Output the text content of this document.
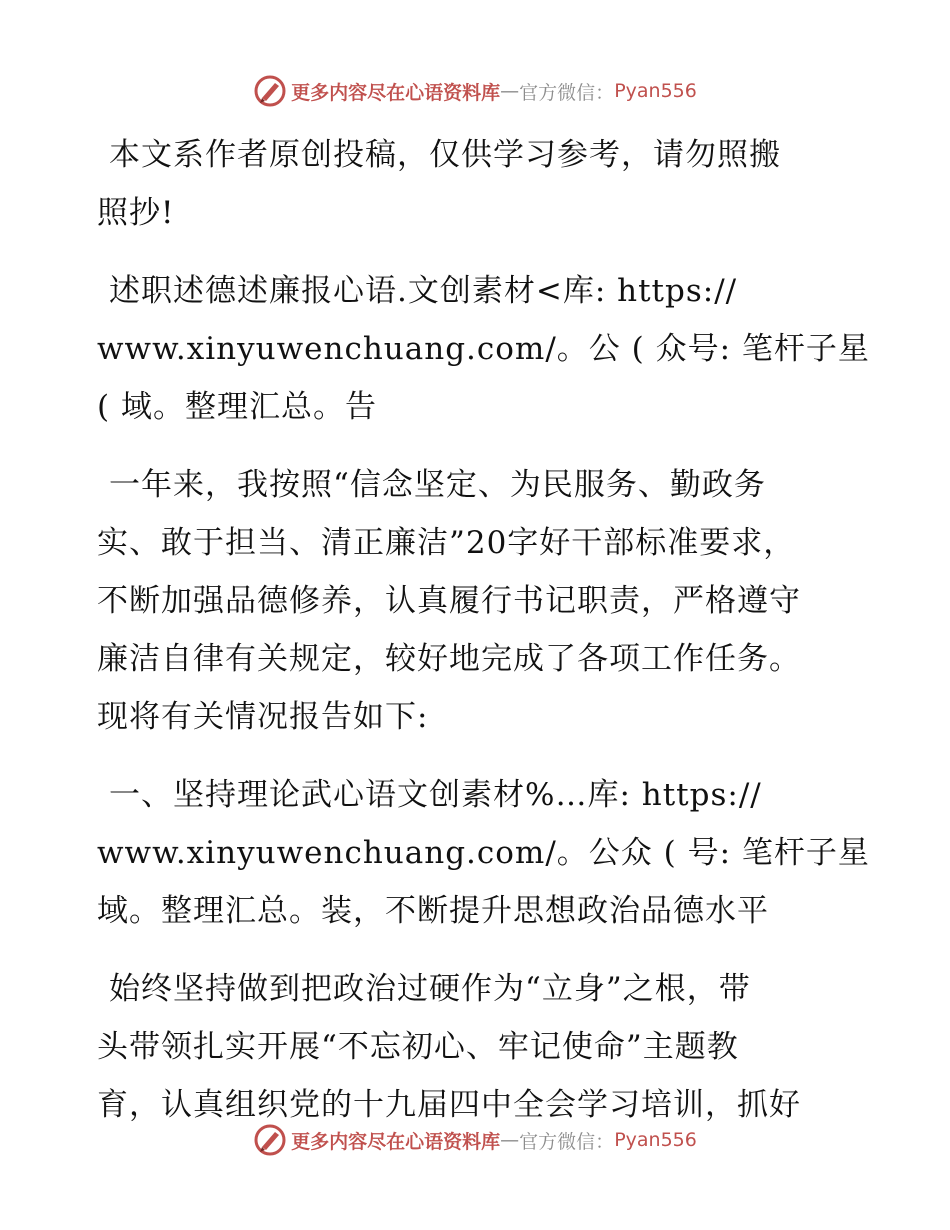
更多内容尽在心语资料库 — 官方微信： Pyan556

本文系作者原创投稿，仅供学习参考，请勿照搬
照抄!

述职述德述廉报心语.文创素材<库: https://
www.xinyuwenchuang.com/。公 ( 众号: 笔杆子星
( 域。整理汇总。告

一年来，我按照“信念坚定、为民服务、勤政务
实、敢于担当、清正廉洁”20字好干部标准要求，
不断加强品德修养，认真履行书记职责，严格遵守
廉洁自律有关规定，较好地完成了各项工作任务。
现将有关情况报告如下:

一、坚持理论武心语文创素材%…库: https://
www.xinyuwenchuang.com/。公众 ( 号: 笔杆子星
域。整理汇总。装，不断提升思想政治品德水平

始终坚持做到把政治过硬作为“立身”之根，带
头带领扎实开展“不忘初心、牢记使命”主题教
育，认真组织党的十九届四中全会学习培训，抓好

更多内容尽在心语资料库 — 官方微信： Pyan556
